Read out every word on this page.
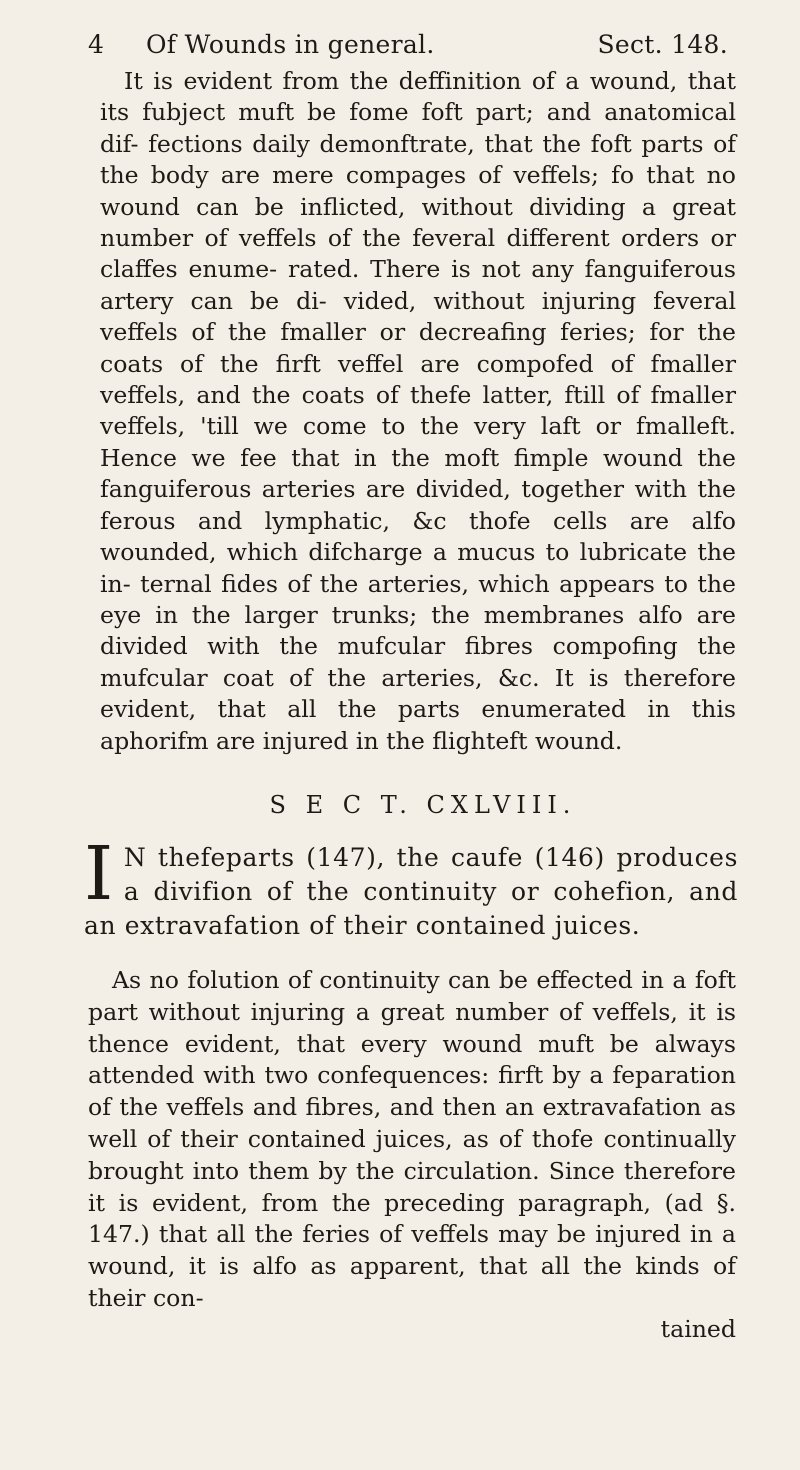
4	Of Wounds in general.	Sect. 148.

It is evident from the deffinition of a wound, that its fubject muft be fome foft part; and anatomical dif- fections daily demonftrate, that the foft parts of the body are mere compages of veffels; fo that no wound can be inflicted, without dividing a great number of veffels of the feveral different orders or claffes enume- rated. There is not any fanguiferous artery can be di- vided, without injuring feveral veffels of the fmaller or decreafing feries; for the coats of the firft veffel are compofed of fmaller veffels, and the coats of thefe latter, ftill of fmaller veffels, 'till we come to the very laft or fmalleft. Hence we fee that in the moft fimple wound the fanguiferous arteries are divided, together with the ferous and lymphatic, &c thofe cells are alfo wounded, which difcharge a mucus to lubricate the in- ternal fides of the arteries, which appears to the eye in the larger trunks; the membranes alfo are divided with the mufcular fibres compofing the mufcular coat of the arteries, &c. It is therefore evident, that all the parts enumerated in this aphorifm are injured in the flighteft wound.

S E C T. CXLVIII.

I N thefeparts (147), the caufe (146) produces a divifion of the continuity or cohefion, and an extravafation of their contained juices.

As no folution of continuity can be effected in a foft part without injuring a great number of veffels, it is thence evident, that every wound muft be always attended with two confequences: firft by a feparation of the veffels and fibres, and then an extravafation as well of their contained juices, as of thofe continually brought into them by the circulation. Since therefore it is evident, from the preceding paragraph, (ad §. 147.) that all the feries of veffels may be injured in a wound, it is alfo as apparent, that all the kinds of their con-

tained
